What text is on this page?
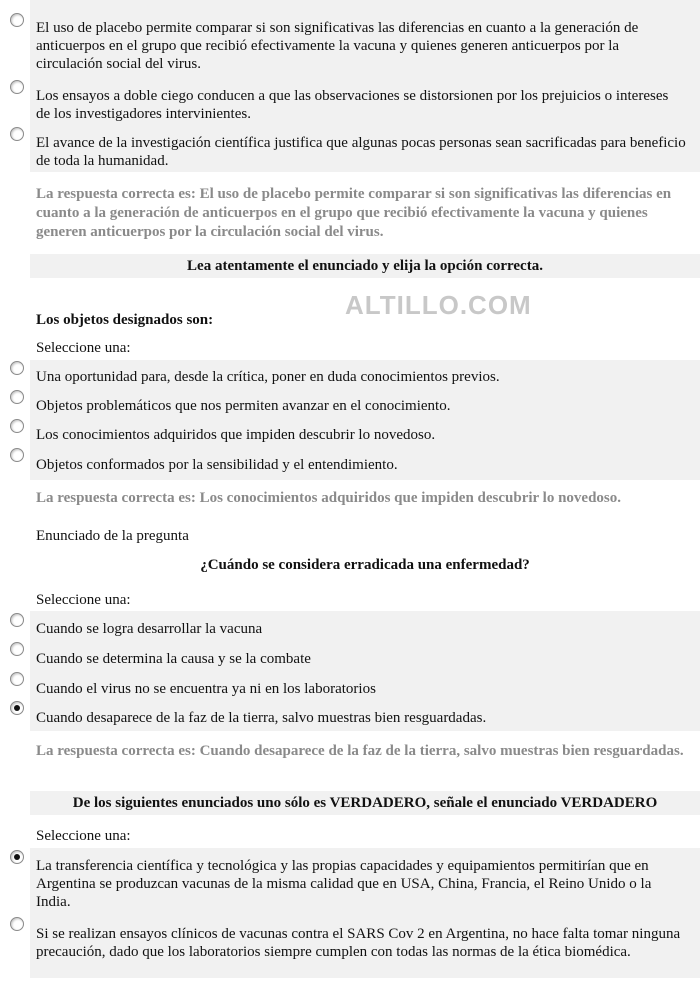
El uso de placebo permite comparar si son significativas las diferencias en cuanto a la generación de anticuerpos en el grupo que recibió efectivamente la vacuna y quienes generen anticuerpos por la circulación social del virus.
Los ensayos a doble ciego conducen a que las observaciones se distorsionen por los prejuicios o intereses de los investigadores intervinientes.
El avance de la investigación científica justifica que algunas pocas personas sean sacrificadas para beneficio de toda la humanidad.
La respuesta correcta es: El uso de placebo permite comparar si son significativas las diferencias en cuanto a la generación de anticuerpos en el grupo que recibió efectivamente la vacuna y quienes generen anticuerpos por la circulación social del virus.
Lea atentamente el enunciado y elija la opción correcta.
ALTILLO.COM
Los objetos designados son:
Seleccione una:
Una oportunidad para, desde la crítica, poner en duda conocimientos previos.
Objetos problemáticos que nos permiten avanzar en el conocimiento.
Los conocimientos adquiridos que impiden descubrir lo novedoso.
Objetos conformados por la sensibilidad y el entendimiento.
La respuesta correcta es: Los conocimientos adquiridos que impiden descubrir lo novedoso.
Enunciado de la pregunta
¿Cuándo se considera erradicada una enfermedad?
Seleccione una:
Cuando se logra desarrollar la vacuna
Cuando se determina la causa y se la combate
Cuando el virus no se encuentra ya ni en los laboratorios
Cuando desaparece de la faz de la tierra, salvo muestras bien resguardadas.
La respuesta correcta es: Cuando desaparece de la faz de la tierra, salvo muestras bien resguardadas.
De los siguientes enunciados uno sólo es VERDADERO, señale el enunciado VERDADERO
Seleccione una:
La transferencia científica y tecnológica y las propias capacidades y equipamientos permitirían que en Argentina se produzcan vacunas de la misma calidad que en USA, China, Francia, el Reino Unido o la India.
Si se realizan ensayos clínicos de vacunas contra el SARS Cov 2 en Argentina, no hace falta tomar ninguna precaución, dado que los laboratorios siempre cumplen con todas las normas de la ética biomédica.
